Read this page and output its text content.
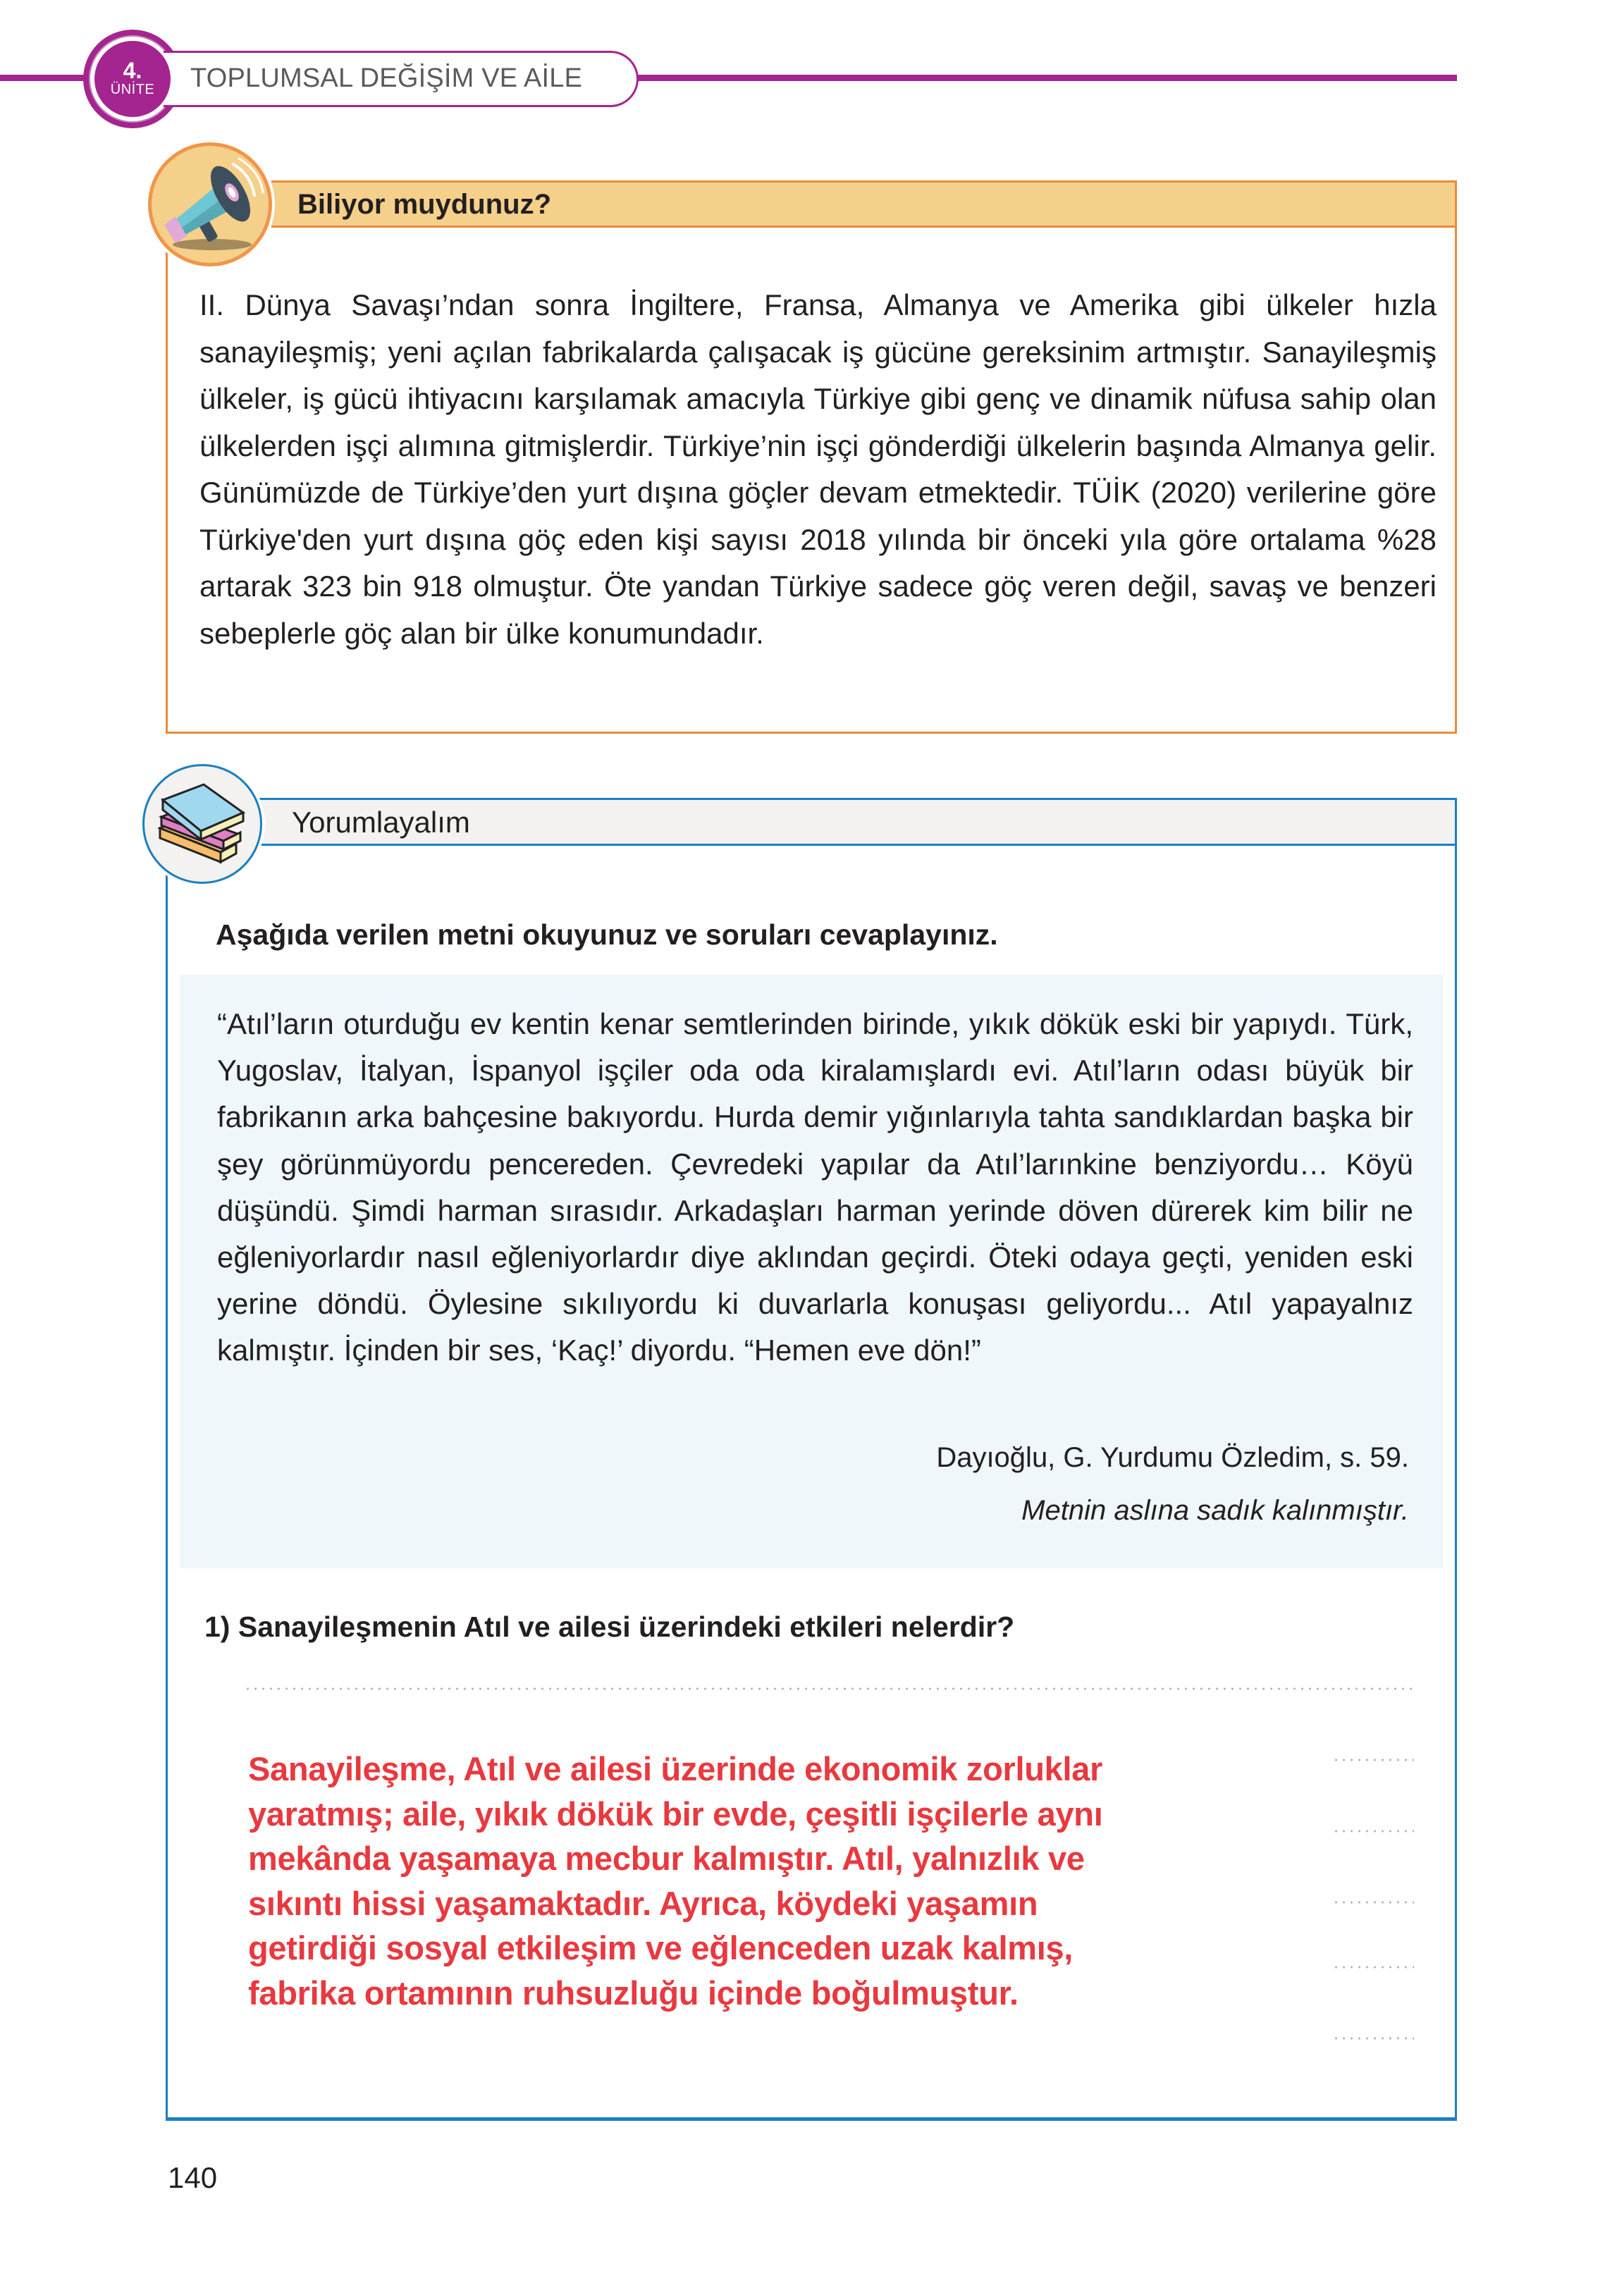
4.
ÜNİTE TOPLUMSAL DEĞİŞİM VE AİLE
Biliyor muydunuz?
II. Dünya Savaşı’ndan sonra İngiltere, Fransa, Almanya ve Amerika gibi ülkeler hızla sanayileşmiş; yeni açılan fabrikalarda çalışacak iş gücüne gereksinim artmıştır. Sanayileşmiş ülkeler, iş gücü ihtiyacını karşılamak amacıyla Türkiye gibi genç ve dinamik nüfusa sahip olan ülkelerden işçi alımına gitmişlerdir. Türkiye’nin işçi gönderdiği ülkelerin başında Almanya gelir. Günümüzde de Türkiye’den yurt dışına göçler devam etmektedir. TÜİK (2020) verilerine göre Türkiye'den yurt dışına göç eden kişi sayısı 2018 yılında bir önceki yıla göre ortalama %28 artarak 323 bin 918 olmuştur. Öte yandan Türkiye sadece göç veren değil, savaş ve benzeri sebeplerle göç alan bir ülke konumundadır.
Yorumlayalım
Aşağıda verilen metni okuyunuz ve soruları cevaplayınız.
“Atıl’ların oturduğu ev kentin kenar semtlerinden birinde, yıkık dökük eski bir yapıydı. Türk, Yugoslav, İtalyan, İspanyol işçiler oda oda kiralamışlardı evi. Atıl’ların odası büyük bir fabrikanın arka bahçesine bakıyordu. Hurda demir yığınlarıyla tahta sandıklardan başka bir şey görünmüyordu pencereden. Çevredeki yapılar da Atıl’larınkine benziyordu… Köyü düşündü. Şimdi harman sırasıdır. Arkadaşları harman yerinde döven dürerek kim bilir ne eğleniyorlardır nasıl eğleniyorlardır diye aklından geçirdi. Öteki odaya geçti, yeniden eski yerine döndü. Öylesine sıkılıyordu ki duvarlarla konuşası geliyordu... Atıl yapayalnız kalmıştır. İçinden bir ses, ‘Kaç!’ diyordu. “Hemen eve dön!”
Dayıoğlu, G. Yurdumu Özledim, s. 59.
Metnin aslına sadık kalınmıştır.
1) Sanayileşmenin Atıl ve ailesi üzerindeki etkileri nelerdir?
Sanayileşme, Atıl ve ailesi üzerinde ekonomik zorluklar
yaratmış; aile, yıkık dökük bir evde, çeşitli işçilerle aynı
mekânda yaşamaya mecbur kalmıştır. Atıl, yalnızlık ve
sıkıntı hissi yaşamaktadır. Ayrıca, köydeki yaşamın
getirdiği sosyal etkileşim ve eğlenceden uzak kalmış,
fabrika ortamının ruhsuzluğu içinde boğulmuştur.
140
